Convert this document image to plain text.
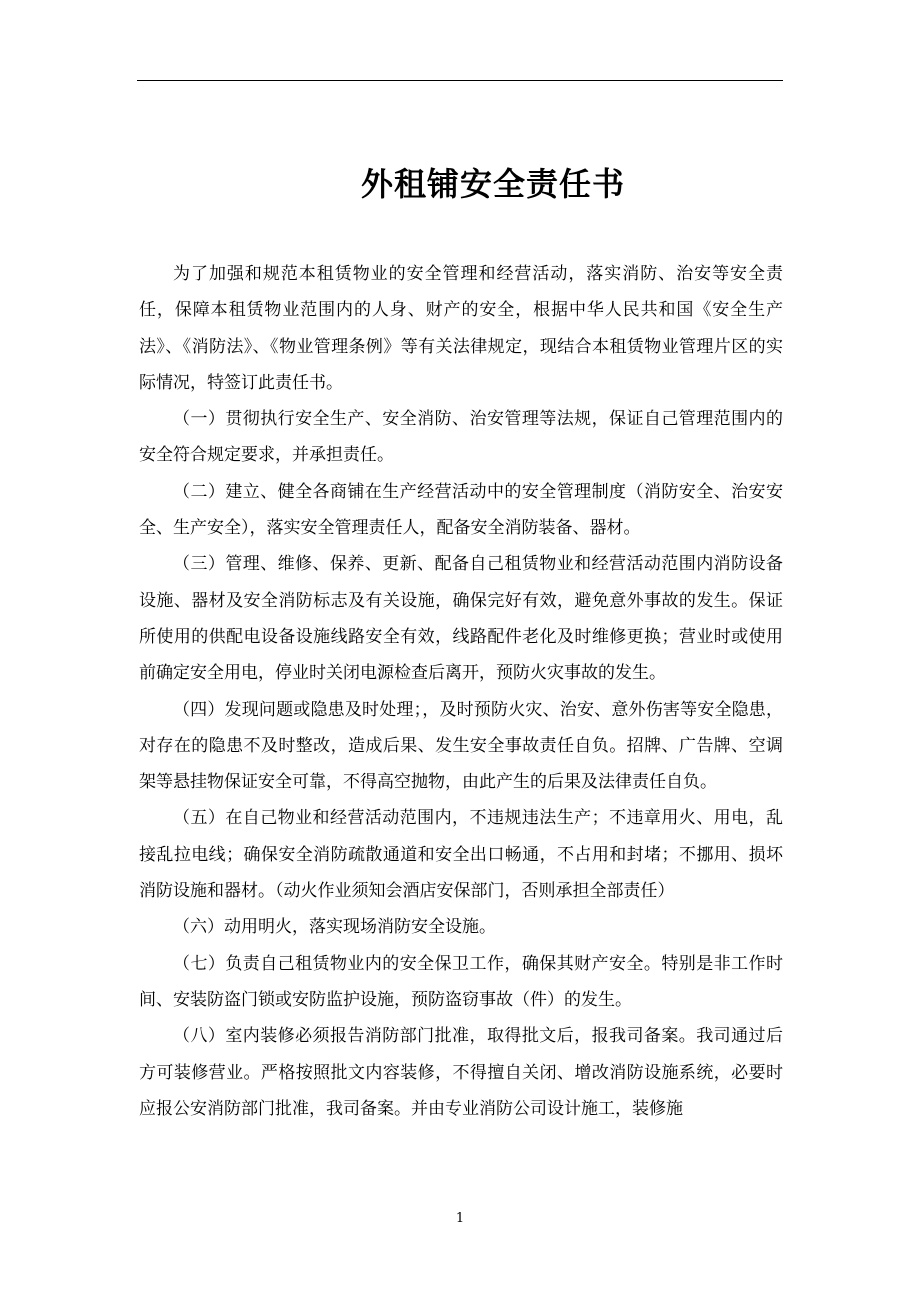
外租铺安全责任书

为了加强和规范本租赁物业的安全管理和经营活动，落实消防、治安等安全责任，保障本租赁物业范围内的人身、财产的安全，根据中华人民共和国《安全生产法》、《消防法》、《物业管理条例》等有关法律规定，现结合本租赁物业管理片区的实际情况，特签订此责任书。

（一）贯彻执行安全生产、安全消防、治安管理等法规，保证自己管理范围内的安全符合规定要求，并承担责任。

（二）建立、健全各商铺在生产经营活动中的安全管理制度（消防安全、治安安全、生产安全），落实安全管理责任人，配备安全消防装备、器材。

（三）管理、维修、保养、更新、配备自己租赁物业和经营活动范围内消防设备设施、器材及安全消防标志及有关设施，确保完好有效，避免意外事故的发生。保证所使用的供配电设备设施线路安全有效，线路配件老化及时维修更换；营业时或使用前确定安全用电，停业时关闭电源检查后离开，预防火灾事故的发生。

（四）发现问题或隐患及时处理；，及时预防火灾、治安、意外伤害等安全隐患，对存在的隐患不及时整改，造成后果、发生安全事故责任自负。招牌、广告牌、空调架等悬挂物保证安全可靠，不得高空抛物，由此产生的后果及法律责任自负。

（五）在自己物业和经营活动范围内，不违规违法生产；不违章用火、用电，乱接乱拉电线；确保安全消防疏散通道和安全出口畅通，不占用和封堵；不挪用、损坏消防设施和器材。（动火作业须知会酒店安保部门，否则承担全部责任）

（六）动用明火，落实现场消防安全设施。

（七）负责自己租赁物业内的安全保卫工作，确保其财产安全。特别是非工作时间、安装防盗门锁或安防监护设施，预防盗窃事故（件）的发生。

（八）室内装修必须报告消防部门批准，取得批文后，报我司备案。我司通过后方可装修营业。严格按照批文内容装修，不得擅自关闭、增改消防设施系统，必要时应报公安消防部门批准，我司备案。并由专业消防公司设计施工，装修施

1
